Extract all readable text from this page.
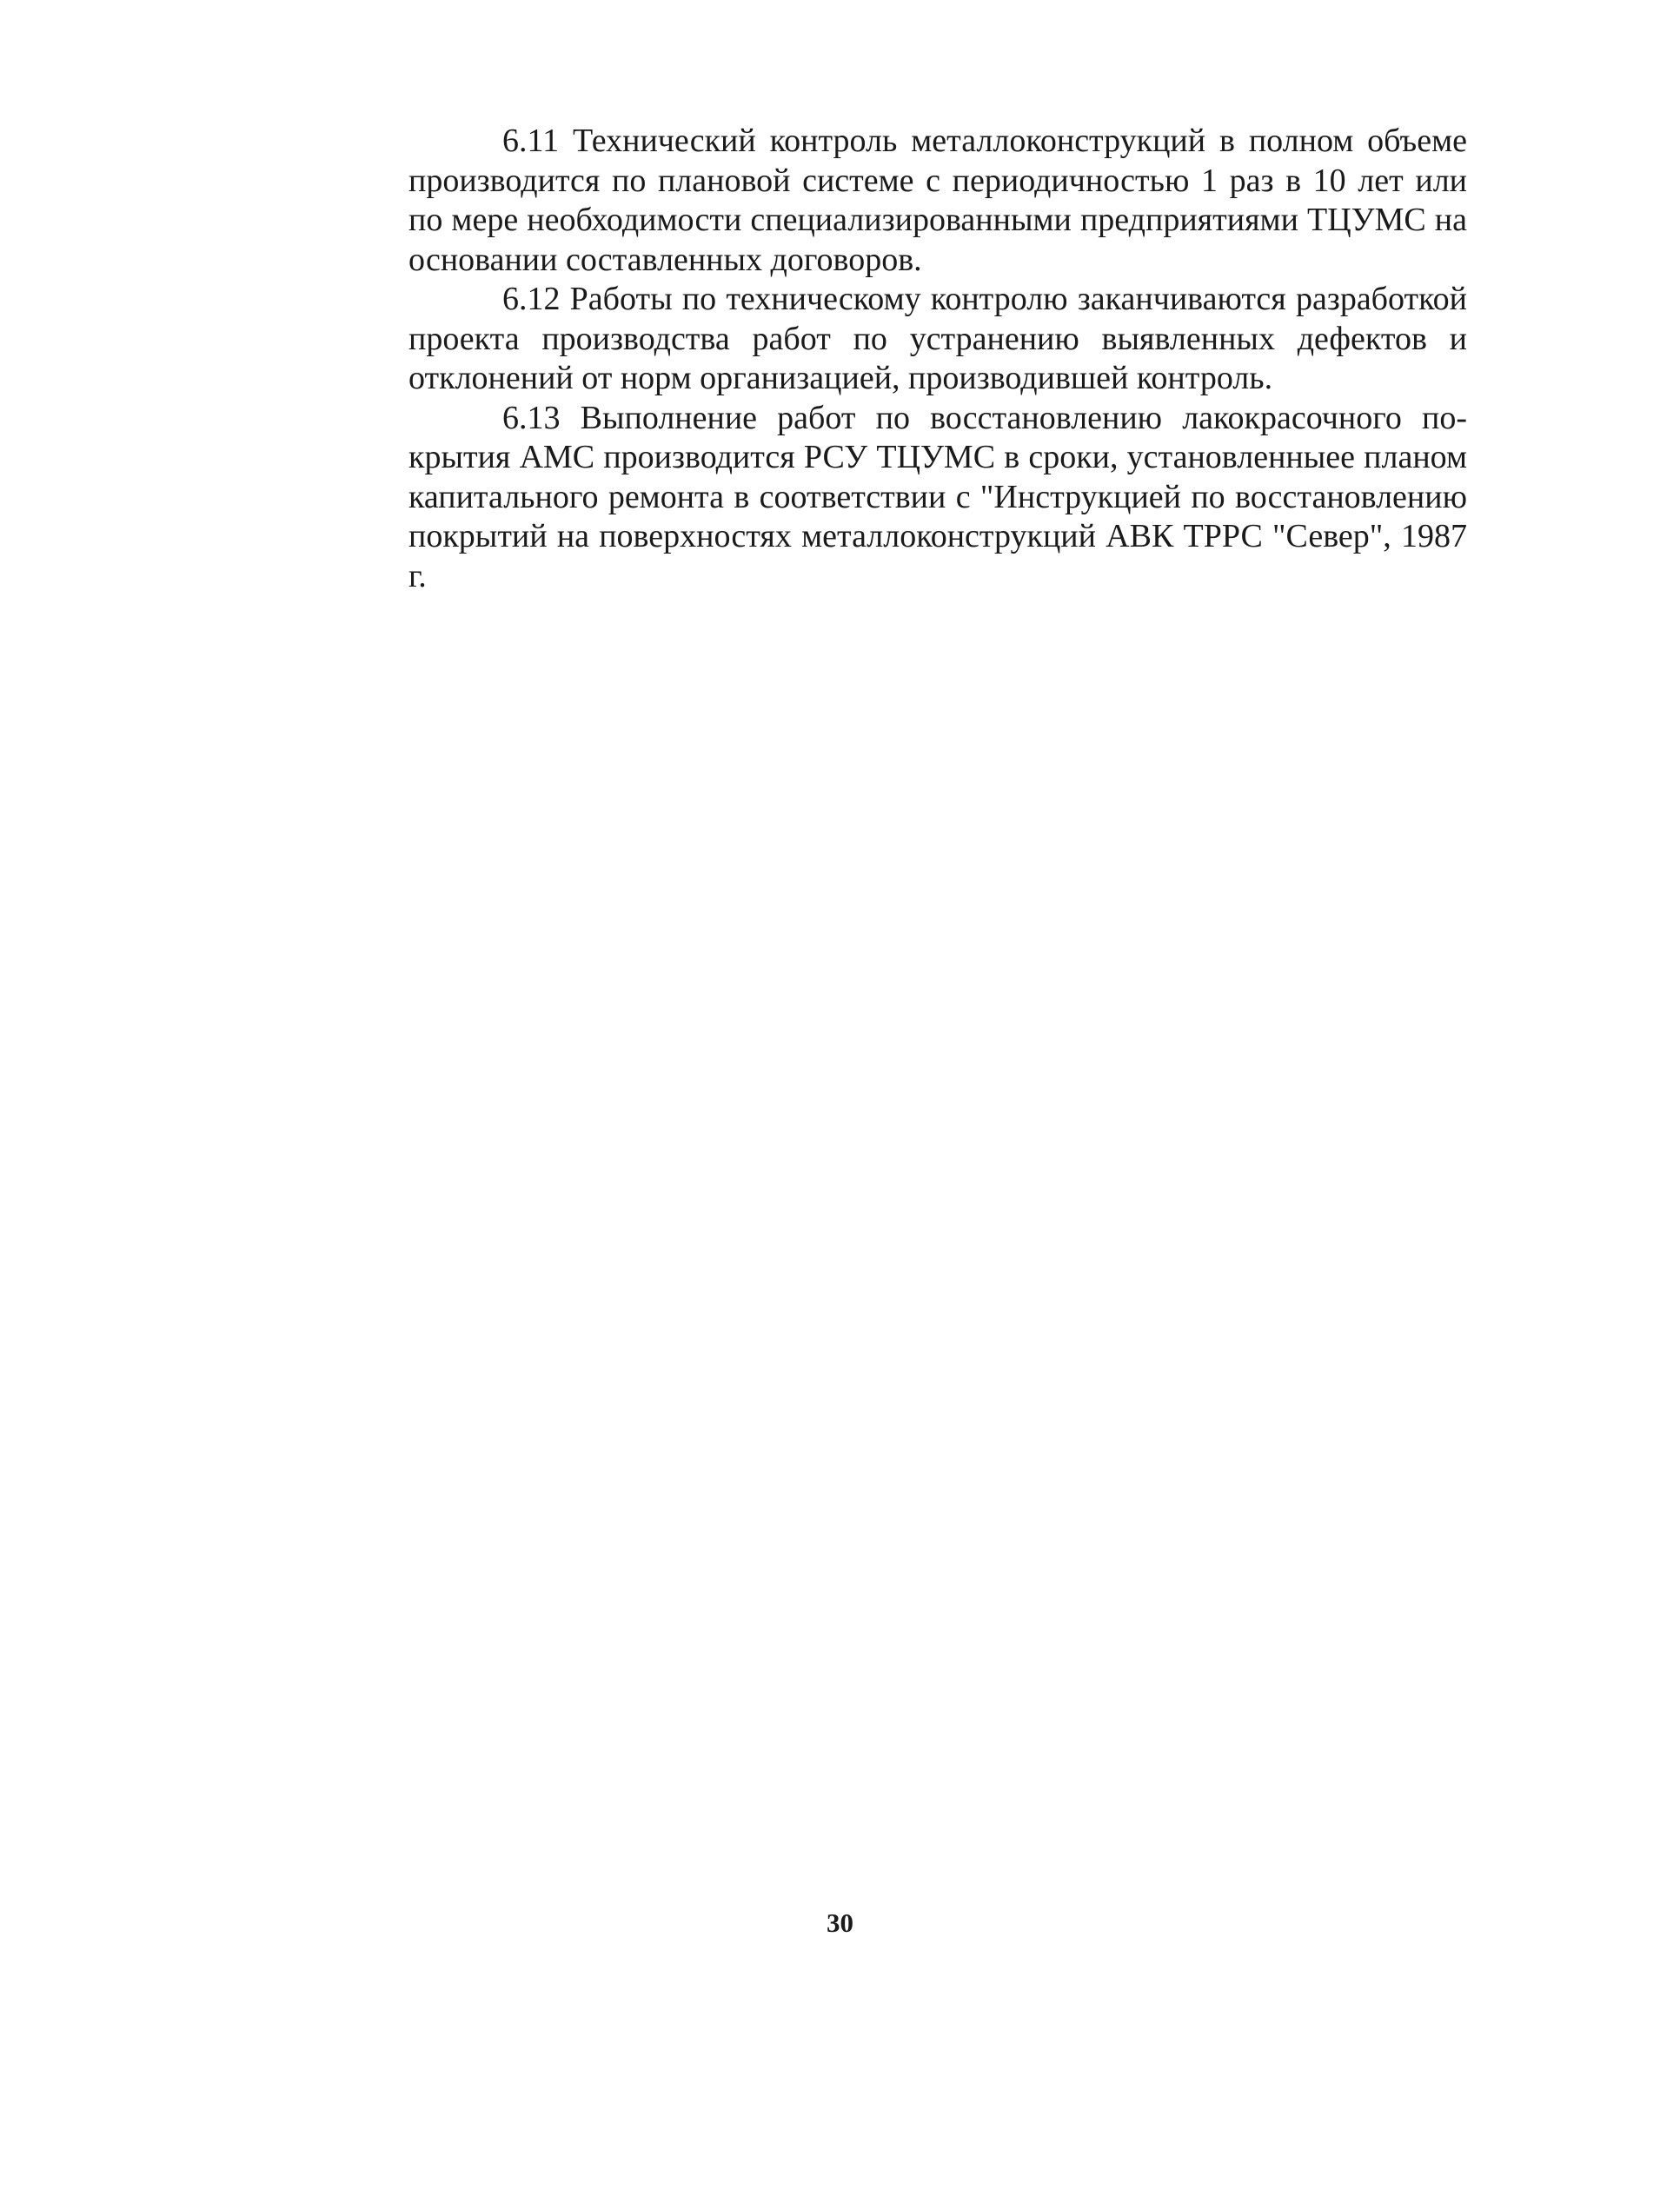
6.11 Технический контроль металлоконструкций в полном объеме производится по плановой системе с периодичностью 1 раз в 10 лет или по мере необходимости специализированными предприятиями ТЦУМС на основании составленных договоров.

6.12 Работы по техническому контролю заканчиваются разработкой проекта производства работ по устранению выявленных дефектов и отклонений от норм организацией, производившей контроль.

6.13 Выполнение работ по восстановлению лакокрасочного покрытия АМС производится РСУ ТЦУМС в сроки, установленныее планом капитального ремонта в соответствии с "Инструкцией по восстановлению покрытий на поверхностях металлоконструкций АВК ТРРС "Север", 1987 г.

30
